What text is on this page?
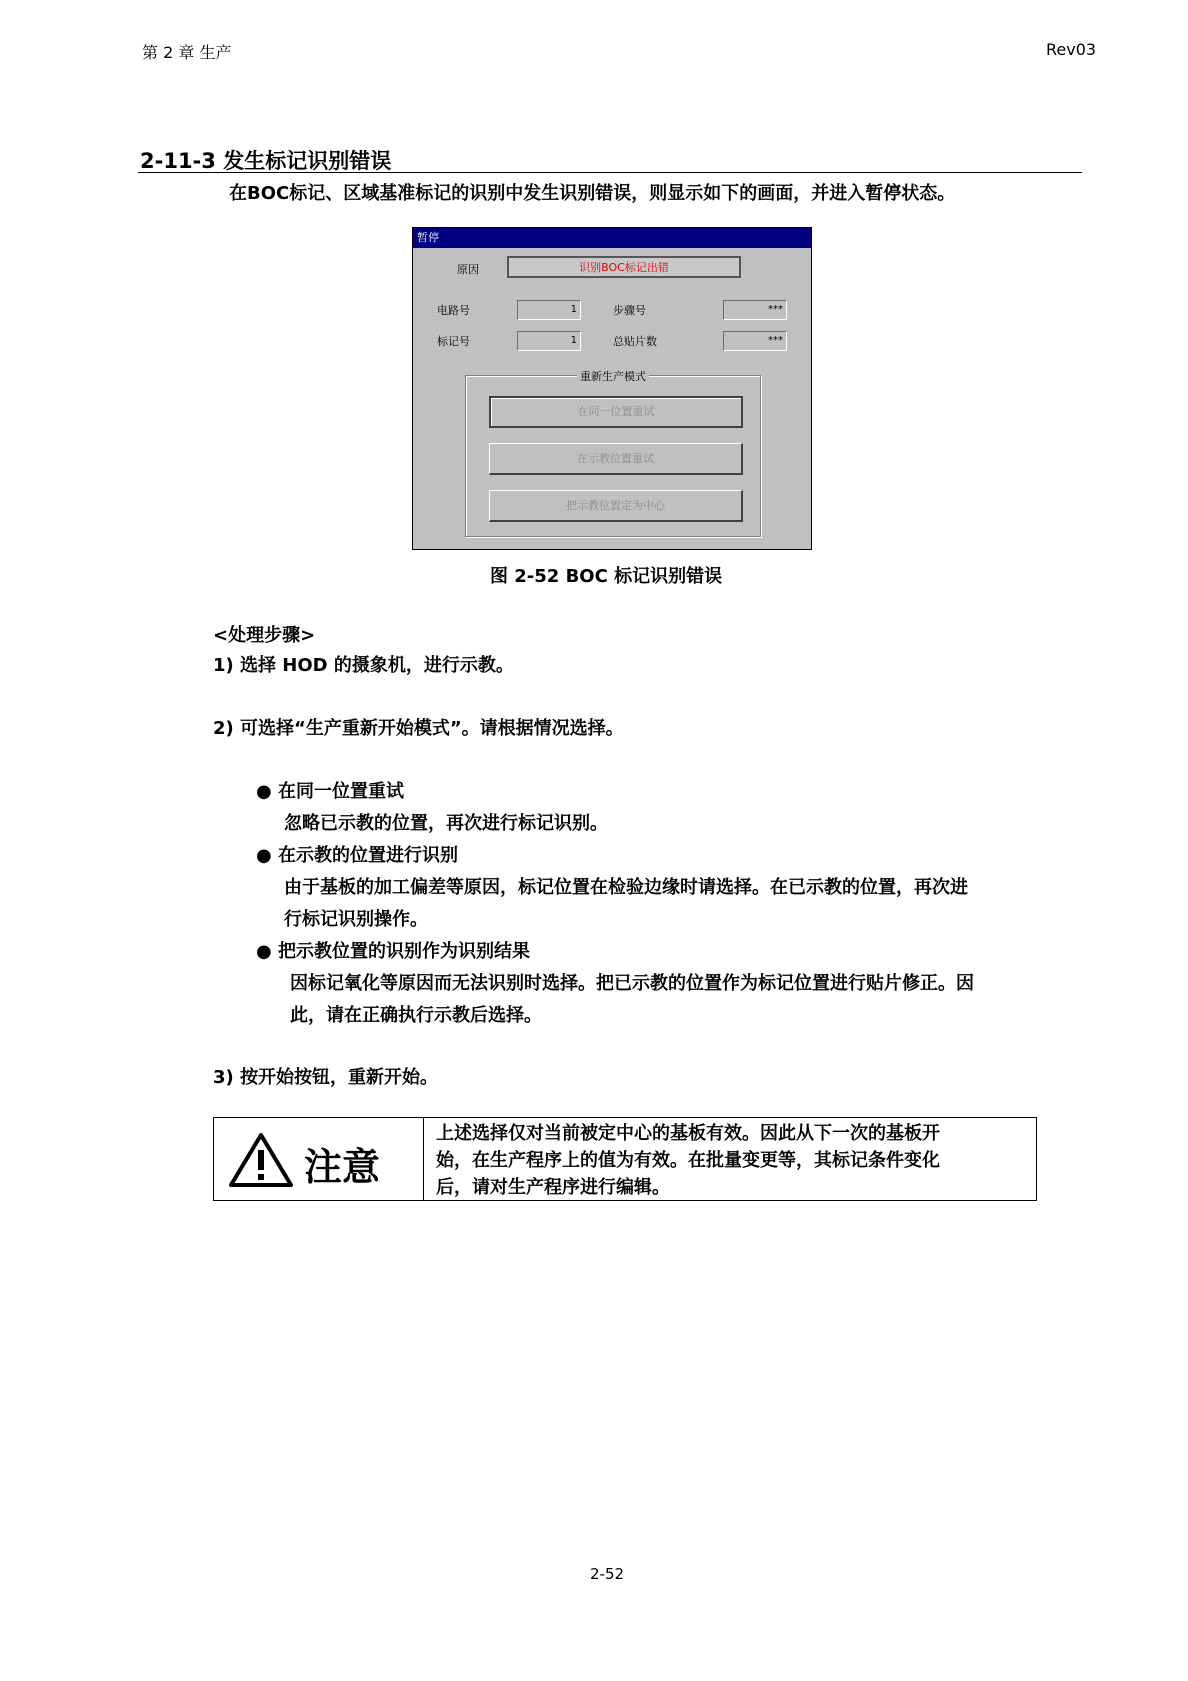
第 2 章 生产	Rev03
2-11-3 发生标记识别错误
在BOC标记、区域基准标记的识别中发生识别错误，则显示如下的画面，并进入暂停状态。
暂停
原因	识别BOC标记出错
电路号	1	步骤号	***
标记号	1	总贴片数	***
重新生产模式
在同一位置重试
在示教位置重试
把示教位置定为中心
图 2-52 BOC 标记识别错误
<处理步骤>
1) 选择 HOD 的摄象机，进行示教。
2) 可选择“生产重新开始模式”。请根据情况选择。
● 在同一位置重试
忽略已示教的位置，再次进行标记识别。
● 在示教的位置进行识别
由于基板的加工偏差等原因，标记位置在检验边缘时请选择。在已示教的位置，再次进
行标记识别操作。
● 把示教位置的识别作为识别结果
因标记氧化等原因而无法识别时选择。把已示教的位置作为标记位置进行贴片修正。因
此，请在正确执行示教后选择。
3) 按开始按钮，重新开始。
注意
上述选择仅对当前被定中心的基板有效。因此从下一次的基板开
始，在生产程序上的值为有效。在批量变更等，其标记条件变化
后，请对生产程序进行编辑。
2-52
